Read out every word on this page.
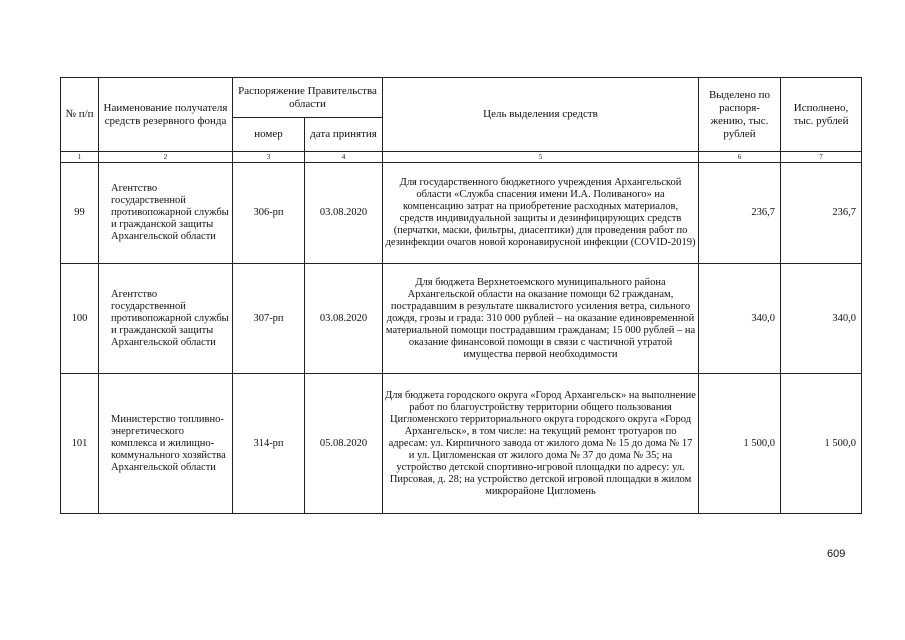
№ п/п	Наименование получателя средств резервного фонда	Распоряжение Правительства области		Цель выделения средств	Выделено по распоря-жению, тыс. рублей	Исполнено, тыс. рублей
		номер	дата принятия			
1	2	3	4	5	6	7
99	Агентство государственной противопожарной службы и гражданской защиты Архангельской области	306-рп	03.08.2020	Для государственного бюджетного учреждения Архангельской области «Служба спасения имени И.А. Поливаного» на компенсацию затрат на приобретение расходных материалов, средств индивидуальной защиты и дезинфицирующих средств (перчатки, маски, фильтры, диасептики) для проведения работ по дезинфекции очагов новой коронавирусной инфекции (COVID-2019)	236,7	236,7
100	Агентство государственной противопожарной службы и гражданской защиты Архангельской области	307-рп	03.08.2020	Для бюджета Верхнетоемского муниципального района Архангельской области на оказание помощи 62 гражданам, пострадавшим в результате шквалистого усиления ветра, сильного дождя, грозы и града: 310 000 рублей – на оказание единовременной материальной помощи пострадавшим гражданам; 15 000 рублей – на оказание финансовой помощи в связи с частичной утратой имущества первой необходимости	340,0	340,0
101	Министерство топливно-энергетического комплекса и жилищно-коммунального хозяйства Архангельской области	314-рп	05.08.2020	Для бюджета городского округа «Город Архангельск» на выполнение работ по благоустройству территории общего пользования Цигломенского территориального округа городского округа «Город Архангельск», в том числе: на текущий ремонт тротуаров по адресам: ул. Кирпичного завода от жилого дома № 15 до дома № 17 и ул. Цигломенская от жилого дома № 37 до дома № 35; на устройство детской спортивно-игровой площадки по адресу: ул. Пирсовая, д. 28; на устройство детской игровой площадки в жилом микрорайоне Цигломень	1 500,0	1 500,0
609
